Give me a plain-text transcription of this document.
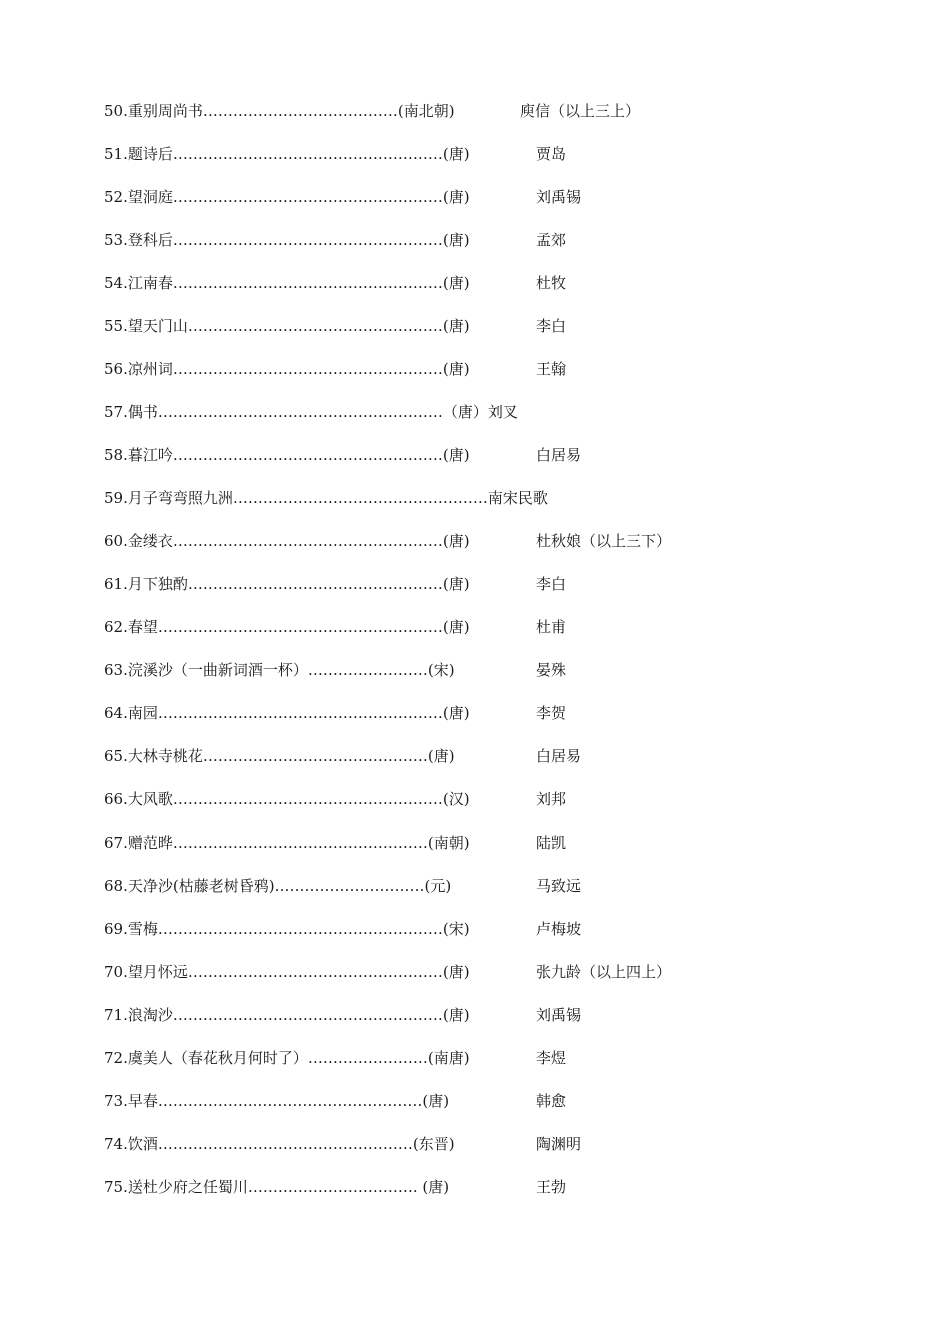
50.重别周尚书…………………………………(南北朝)	庾信（以上三上）
51.题诗后………………………………………………(唐)	贾岛
52.望洞庭………………………………………………(唐)	刘禹锡
53.登科后………………………………………………(唐)	孟郊
54.江南春………………………………………………(唐)	杜牧
55.望天门山……………………………………………(唐)	李白
56.凉州词………………………………………………(唐)	王翰
57.偶书…………………………………………………（唐）刘叉
58.暮江吟………………………………………………(唐)	白居易
59.月子弯弯照九洲……………………………………………南宋民歌
60.金缕衣………………………………………………(唐)	杜秋娘（以上三下）
61.月下独酌……………………………………………(唐)	李白
62.春望…………………………………………………(唐)	杜甫
63.浣溪沙（一曲新词酒一杯）……………………(宋)	晏殊
64.南园…………………………………………………(唐)	李贺
65.大林寺桃花………………………………………(唐)	白居易
66.大风歌………………………………………………(汉)	刘邦
67.赠范晔……………………………………………(南朝)	陆凯
68.天净沙(枯藤老树昏鸦)…………………………(元)	马致远
69.雪梅…………………………………………………(宋)	卢梅坡
70.望月怀远……………………………………………(唐)	张九龄（以上四上）
71.浪淘沙………………………………………………(唐)	刘禹锡
72.虞美人（春花秋月何时了）……………………(南唐)	李煜
73.早春………………..……………………………(唐)	韩愈
74.饮酒……………………………………………(东晋)	陶渊明
75.送杜少府之任蜀川……………………………. (唐)	王勃
